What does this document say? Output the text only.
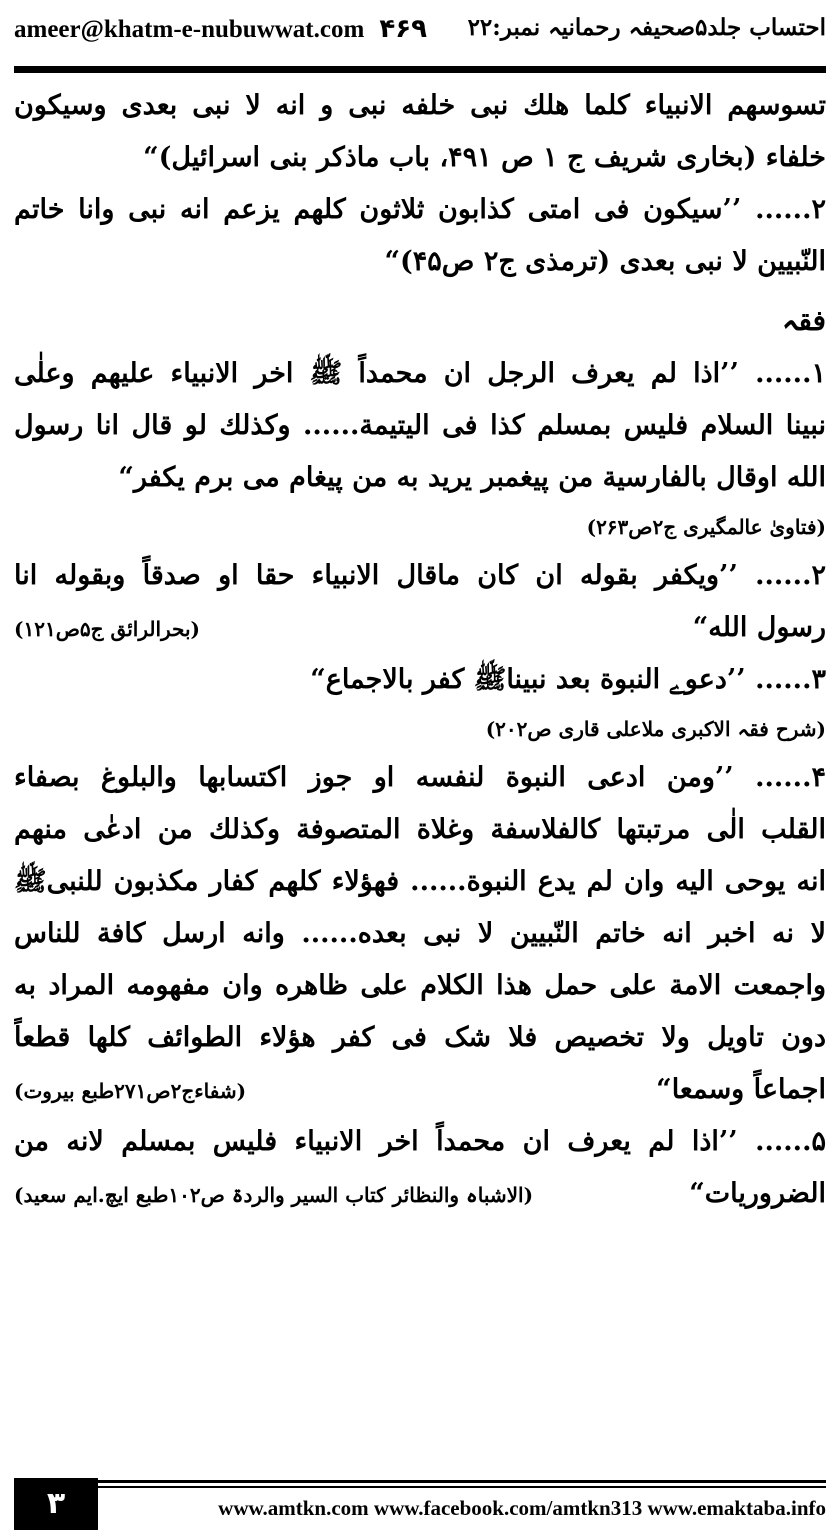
ameer@khatm-e-nubuwwat.com ۴۶۹ احتساب جلد۵صحیفہ رحمانیہ نمبر:۲۲
تسوسهم الانبياء كلما هلك نبی خلفه نبی و انه لا نبی بعدی وسيكون
خلفاء (بخاری شريف ج ۱ ص ۴۹۱، باب ماذكر بنی اسرائيل)“
۲...... ’’سيكون فی امتی كذابون ثلاثون كلهم يزعم انه نبی وانا خاتم
النّبيين لا نبی بعدی (ترمذی ج۲ ص۴۵)“
فقہ
۱...... ’’اذا لم يعرف الرجل ان محمداً ﷺ اخر الانبياء عليهم وعلٰى
نبينا السلام فليس بمسلم كذا فی اليتيمة...... وكذلك لو قال انا رسول
الله اوقال بالفارسية من پيغمبر يريد به من پيغام می برم يكفر“
(فتاویٰ عالمگیری ج۲ص۲۶۳)
۲...... ’’ويكفر بقوله ان كان ماقال الانبياء حقا او صدقاً وبقوله انا
رسول الله“
(بحرالرائق ج۵ص۱۲۱)
۳...... ’’دعوے النبوة بعد نبيناﷺ كفر بالاجماع“
(شرح فقہ الاکبری ملاعلی قاری ص۲۰۲)
۴...... ’’ومن ادعى النبوة لنفسه او جوز اكتسابها والبلوغ بصفاء
القلب الٰی مرتبتها كالفلاسفة وغلاة المتصوفة وكذلك من ادعٰی منهم
انه يوحی اليه وان لم يدع النبوة...... فهؤلاء كلهم كفار مكذبون للنبیﷺ
لا نه اخبر انه خاتم النّبيين لا نبی بعده...... وانه ارسل كافة للناس
واجمعت الامة على حمل هذا الكلام على ظاهره وان مفهومه المراد به
دون تاويل ولا تخصيص فلا شک فی كفر هؤلاء الطوائف كلها قطعاً
اجماعاً وسمعا“
(شفاءج۲ص۲۷۱طبع بیروت)
۵...... ’’اذا لم يعرف ان محمداً اخر الانبياء فليس بمسلم لانه من
الضروريات“
(الاشباہ والنظائر کتاب السیر والردۃ ص۱۰۲طبع ایچ.ایم سعید)
۳	www.amtkn.com www.facebook.com/amtkn313 www.emaktaba.info
